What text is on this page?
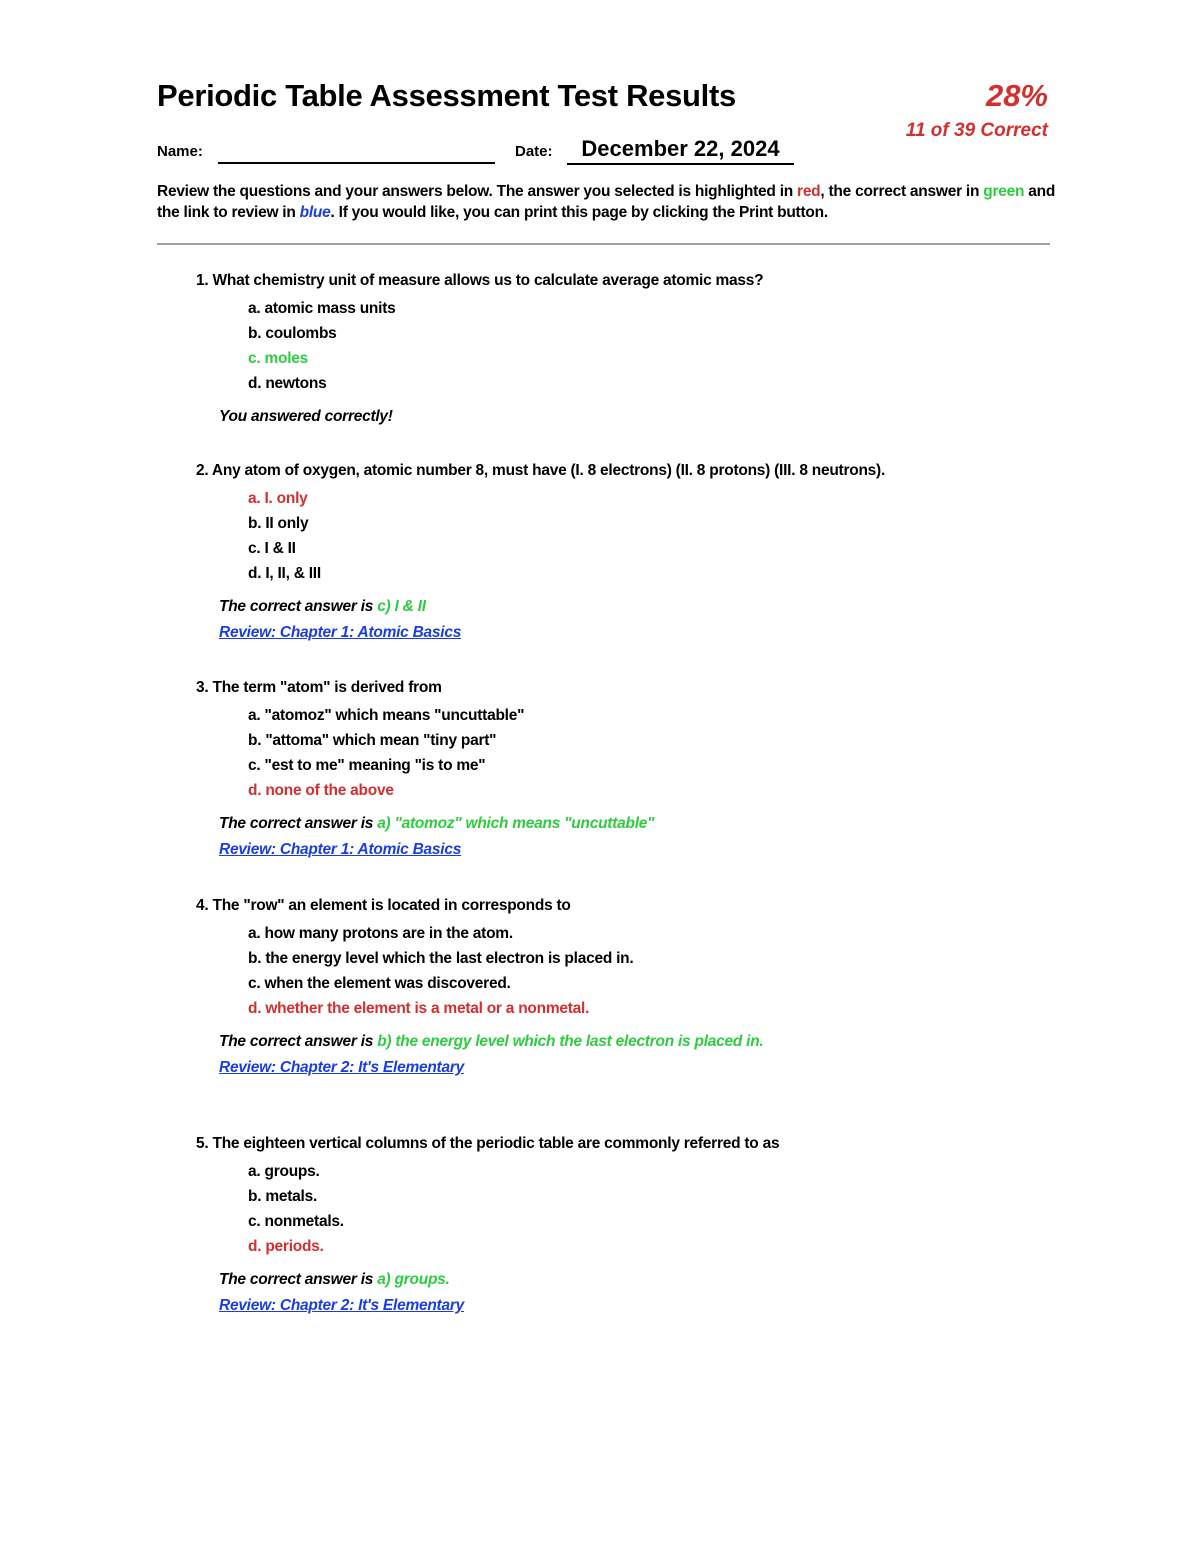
Periodic Table Assessment Test Results	28%
11 of 39 Correct
Name:	Date:	December 22, 2024
Review the questions and your answers below. The answer you selected is highlighted in red, the correct answer in green and the link to review in blue. If you would like, you can print this page by clicking the Print button.
1. What chemistry unit of measure allows us to calculate average atomic mass?
a. atomic mass units
b. coulombs
c. moles
d. newtons
You answered correctly!
2. Any atom of oxygen, atomic number 8, must have (I. 8 electrons) (II. 8 protons) (III. 8 neutrons).
a. I. only
b. II only
c. I & II
d. I, II, & III
The correct answer is c) I & II
Review: Chapter 1: Atomic Basics
3. The term "atom" is derived from
a. "atomoz" which means "uncuttable"
b. "attoma" which mean "tiny part"
c. "est to me" meaning "is to me"
d. none of the above
The correct answer is a) "atomoz" which means "uncuttable"
Review: Chapter 1: Atomic Basics
4. The "row" an element is located in corresponds to
a. how many protons are in the atom.
b. the energy level which the last electron is placed in.
c. when the element was discovered.
d. whether the element is a metal or a nonmetal.
The correct answer is b) the energy level which the last electron is placed in.
Review: Chapter 2: It's Elementary
5. The eighteen vertical columns of the periodic table are commonly referred to as
a. groups.
b. metals.
c. nonmetals.
d. periods.
The correct answer is a) groups.
Review: Chapter 2: It's Elementary
